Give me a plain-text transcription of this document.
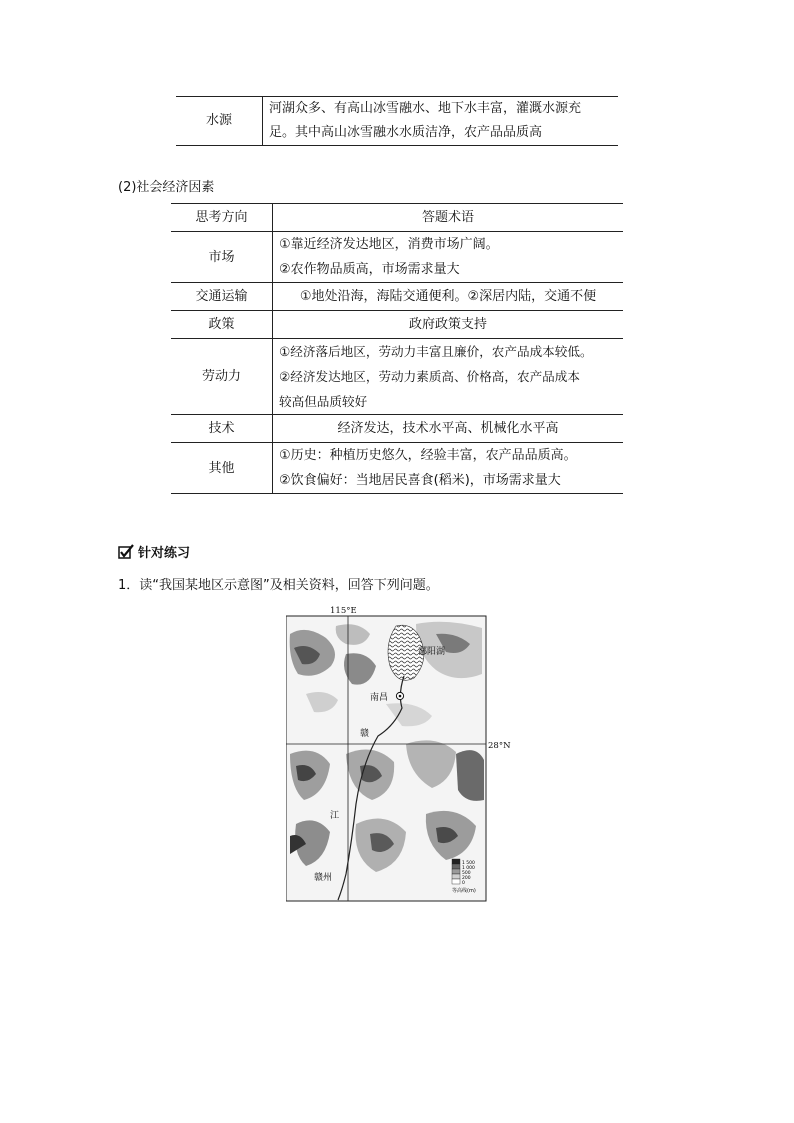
水源	
河湖众多、有高山冰雪融水、地下水丰富，灌溉水源充
足。其中高山冰雪融水水质洁净，农产品品质高
(2)社会经济因素
思考方向	答题术语
市场	①靠近经济发达地区，消费市场广阔。
②农作物品质高，市场需求量大

交通运输	①地处沿海，海陆交通便利。②深居内陆，交通不便
政策	政府政策支持
劳动力	①经济落后地区，劳动力丰富且廉价，农产品成本较低。
②经济发达地区，劳动力素质高、价格高，农产品成本
较高但品质较好

技术	经济发达，技术水平高、机械化水平高
其他	①历史：种植历史悠久，经验丰富，农产品品质高。
②饮食偏好：当地居民喜食(稻米)，市场需求量大
针对练习
1．读“我国某地区示意图”及相关资料，回答下列问题。
115°E
28°N
鄱阳湖
南昌
赣
江
赣州
1 500
1 000
500
200
0
等高线(m)
